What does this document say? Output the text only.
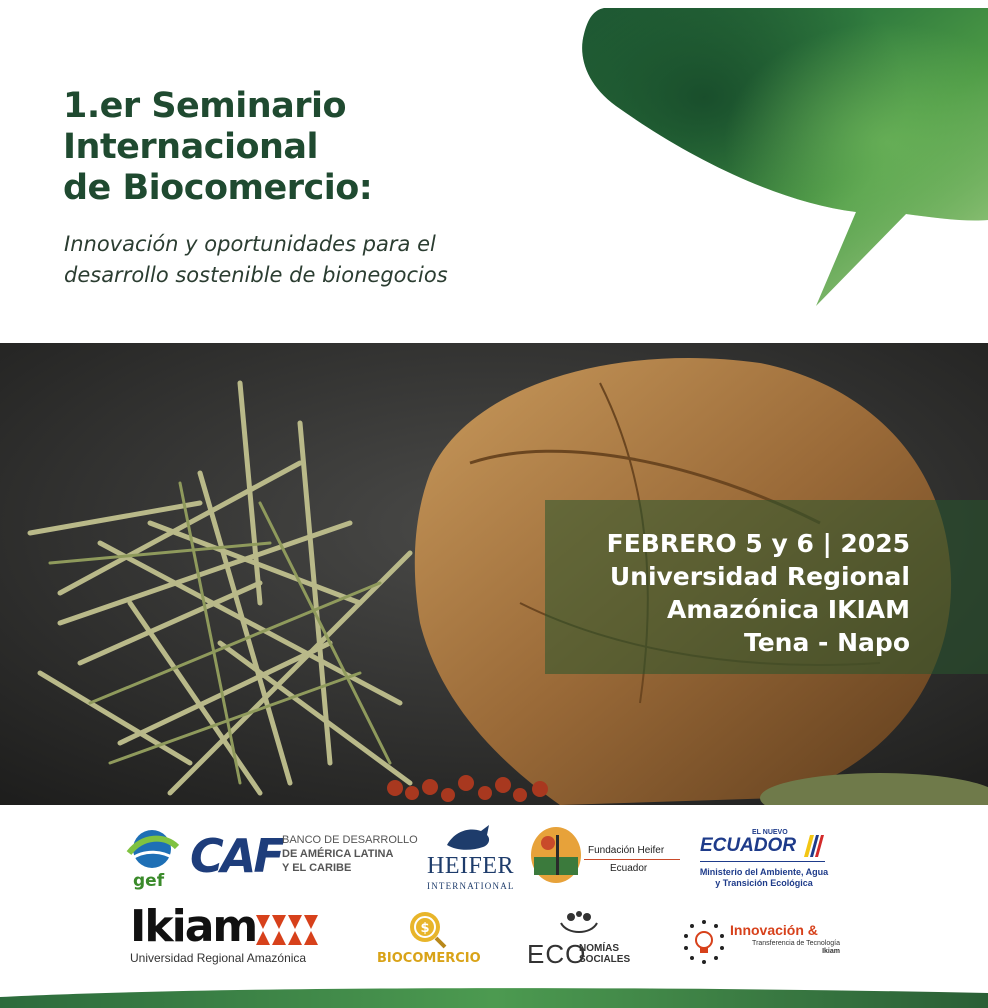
1.er Seminario
Internacional
de Biocomercio:
Innovación y oportunidades para el
desarrollo sostenible de bionegocios
FEBRERO 5 y 6 | 2025
Universidad Regional
Amazónica IKIAM
Tena - Napo
gef CAF BANCO DE DESARROLLO
DE AMÉRICA LATINA
Y EL CARIBE	HEIFER
INTERNATIONAL
Fundación Heifer
Ecuador
EL NUEVO
ECUADOR
Ministerio del Ambiente, Agua
y Transición Ecológica
Ikiam
Universidad Regional Amazónica
$
BIOCOMERCIO ECO
NOMÍAS
SOCIALES
Innovación &
Transferencia de Tecnología
Ikiam
